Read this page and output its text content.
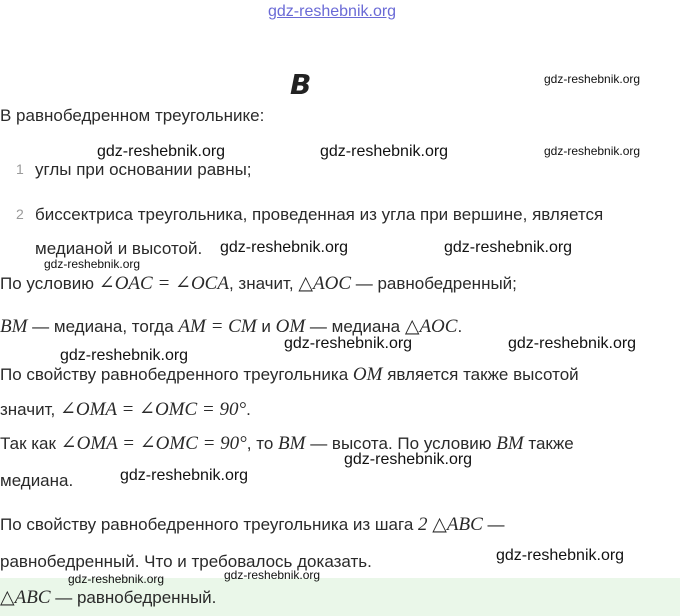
gdz-reshebnik.org
gdz-reshebnik.org
gdz-reshebnik.org	gdz-reshebnik.org	gdz-reshebnik.org
gdz-reshebnik.org	gdz-reshebnik.org
gdz-reshebnik.org
gdz-reshebnik.org	gdz-reshebnik.org
gdz-reshebnik.org
gdz-reshebnik.org
gdz-reshebnik.org
gdz-reshebnik.org
gdz-reshebnik.org	gdz-reshebnik.org
B
В равнобедренном треугольнике:
1 углы при основании равны;
2 биссектриса треугольника, проведенная из угла при вершине, является
медианой и высотой.
По условию ∠OAC = ∠OCA, значит, △AOC — равнобедренный;
BM — медиана, тогда AM = CM и OM — медиана △AOC.
По свойству равнобедренного треугольника OM является также высотой
значит, ∠OMA = ∠OMC = 90°.
Так как ∠OMA = ∠OMC = 90°, то BM — высота. По условию BM также
медиана.
По свойству равнобедренного треугольника из шага 2 △ABC —
равнобедренный. Что и требовалось доказать.
△ABC — равнобедренный.
